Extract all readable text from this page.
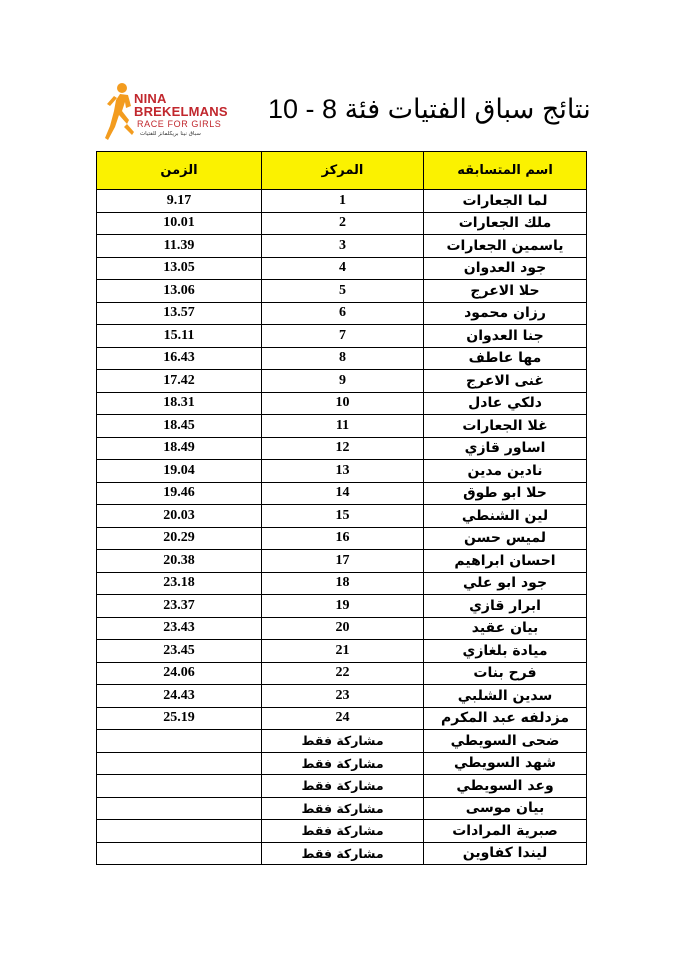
NINA
BREKELMANS
RACE FOR GIRLS
سباق نينا بريكلمانز للفتيات
نتائج سباق الفتيات فئة 8 - 10
اسم المتسابقه	المركز	الزمن
لما الجعارات	1	9.17
ملك الجعارات	2	10.01
ياسمين الجعارات	3	11.39
جود العدوان	4	13.05
حلا الاعرج	5	13.06
رزان محمود	6	13.57
جنا العدوان	7	15.11
مها عاطف	8	16.43
غنى الاعرج	9	17.42
دلكي عادل	10	18.31
غلا الجعارات	11	18.45
اساور قازي	12	18.49
نادين مدين	13	19.04
حلا ابو طوق	14	19.46
لين الشنطي	15	20.03
لميس حسن	16	20.29
احسان ابراهيم	17	20.38
جود ابو علي	18	23.18
ابرار قازي	19	23.37
بيان عقيد	20	23.43
ميادة بلغازي	21	23.45
فرح بنات	22	24.06
سدين الشلبي	23	24.43
مزدلفه عبد المكرم	24	25.19
ضحى السويطي	مشاركة فقط	
شهد السويطي	مشاركة فقط	
وعد السويطي	مشاركة فقط	
بيان موسى	مشاركة فقط	
صبرية المرادات	مشاركة فقط	
ليندا كفاوين	مشاركة فقط	
